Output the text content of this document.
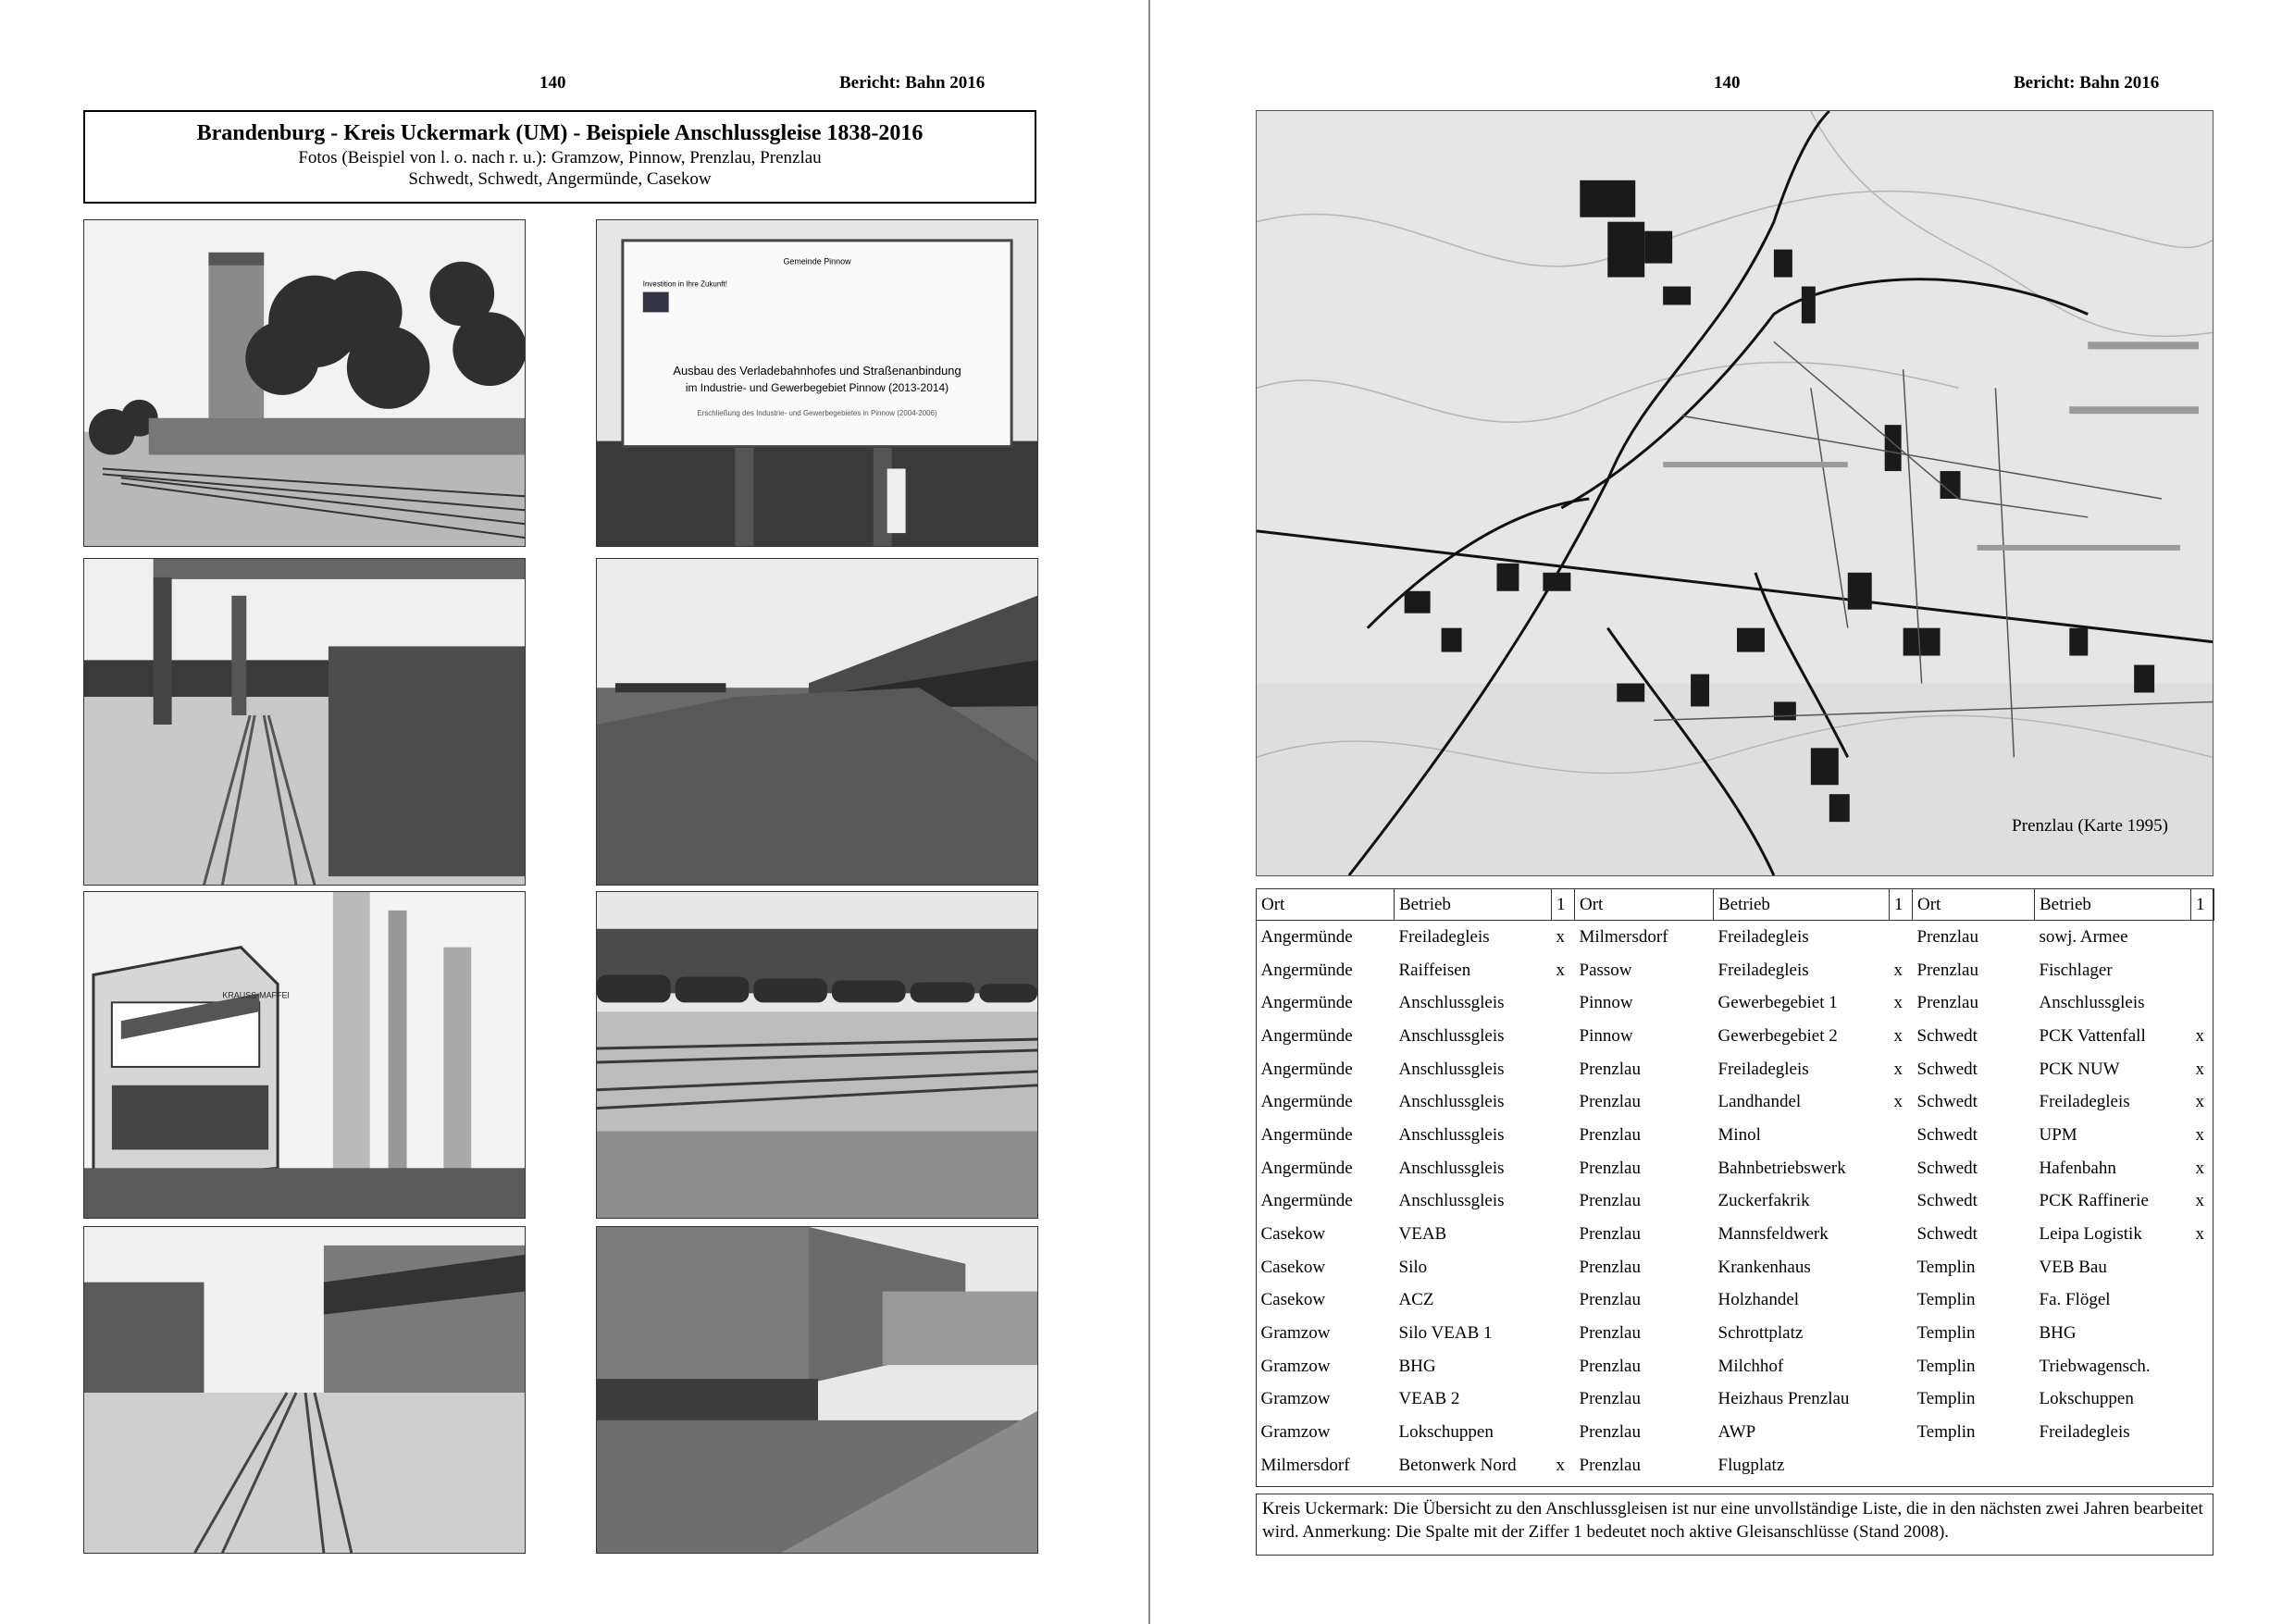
140	Bericht: Bahn 2016
Brandenburg - Kreis Uckermark (UM) - Beispiele Anschlussgleise 1838-2016
Fotos (Beispiel von l. o. nach r. u.): Gramzow, Pinnow, Prenzlau, Prenzlau
Schwedt, Schwedt, Angermünde, Casekow
Gemeinde Pinnow
Investition in Ihre Zukunft!
Ausbau des Verladebahnhofes und Straßenanbindung
im Industrie- und Gewerbegebiet Pinnow (2013-2014)
Erschließung des Industrie- und Gewerbegebietes in Pinnow (2004-2006)
KRAUSS-MAFFEI
140	Bericht: Bahn 2016
Prenzlau (Karte 1995)
Ort	Betrieb	1	Ort	Betrieb	1	Ort	Betrieb	1
Angermünde	Freiladegleis	x	Milmersdorf	Freiladegleis		Prenzlau	sowj. Armee	
Angermünde	Raiffeisen	x	Passow	Freiladegleis	x	Prenzlau	Fischlager	
Angermünde	Anschlussgleis		Pinnow	Gewerbegebiet 1	x	Prenzlau	Anschlussgleis	
Angermünde	Anschlussgleis		Pinnow	Gewerbegebiet 2	x	Schwedt	PCK Vattenfall	x
Angermünde	Anschlussgleis		Prenzlau	Freiladegleis	x	Schwedt	PCK NUW	x
Angermünde	Anschlussgleis		Prenzlau	Landhandel	x	Schwedt	Freiladegleis	x
Angermünde	Anschlussgleis		Prenzlau	Minol		Schwedt	UPM	x
Angermünde	Anschlussgleis		Prenzlau	Bahnbetriebswerk		Schwedt	Hafenbahn	x
Angermünde	Anschlussgleis		Prenzlau	Zuckerfakrik		Schwedt	PCK Raffinerie	x
Casekow	VEAB		Prenzlau	Mannsfeldwerk		Schwedt	Leipa Logistik	x
Casekow	Silo		Prenzlau	Krankenhaus		Templin	VEB Bau	
Casekow	ACZ		Prenzlau	Holzhandel		Templin	Fa. Flögel	
Gramzow	Silo VEAB 1		Prenzlau	Schrottplatz		Templin	BHG	
Gramzow	BHG		Prenzlau	Milchhof		Templin	Triebwagensch.	
Gramzow	VEAB 2		Prenzlau	Heizhaus Prenzlau		Templin	Lokschuppen	
Gramzow	Lokschuppen		Prenzlau	AWP		Templin	Freiladegleis	
Milmersdorf	Betonwerk Nord	x	Prenzlau	Flugplatz				
Kreis Uckermark: Die Übersicht zu den Anschlussgleisen ist nur eine unvollständige Liste, die in den nächsten zwei Jahren bearbeitet wird. Anmerkung: Die Spalte mit der Ziffer 1 bedeutet noch aktive Gleisanschlüsse (Stand 2008).
